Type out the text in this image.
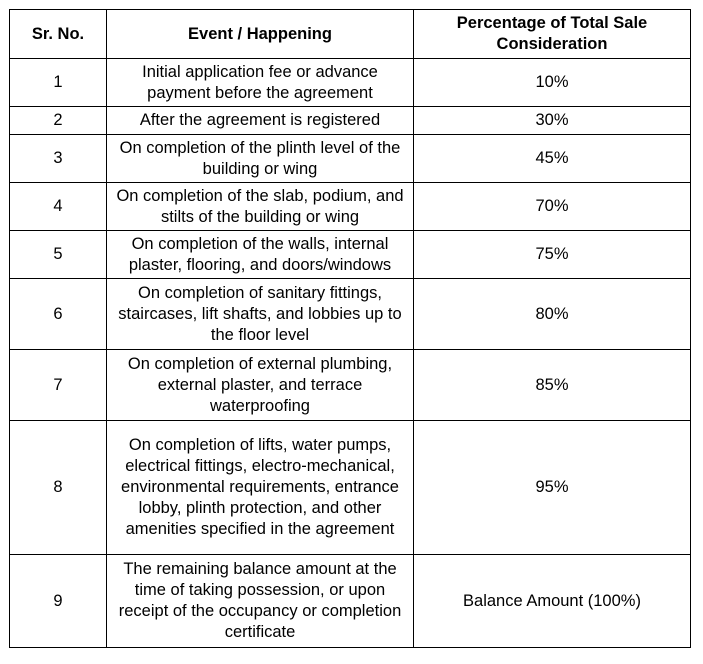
Sr. No.	Event / Happening	Percentage of Total Sale Consideration
1	Initial application fee or advance payment before the agreement	10%
2	After the agreement is registered	30%
3	On completion of the plinth level of the building or wing	45%
4	On completion of the slab, podium, and stilts of the building or wing	70%
5	On completion of the walls, internal plaster, flooring, and doors/windows	75%
6	On completion of sanitary fittings, staircases, lift shafts, and lobbies up to the floor level	80%
7	On completion of external plumbing, external plaster, and terrace waterproofing	85%
8	On completion of lifts, water pumps, electrical fittings, electro-mechanical, environmental requirements, entrance lobby, plinth protection, and other amenities specified in the agreement	95%
9	The remaining balance amount at the time of taking possession, or upon receipt of the occupancy or completion certificate	Balance Amount (100%)
